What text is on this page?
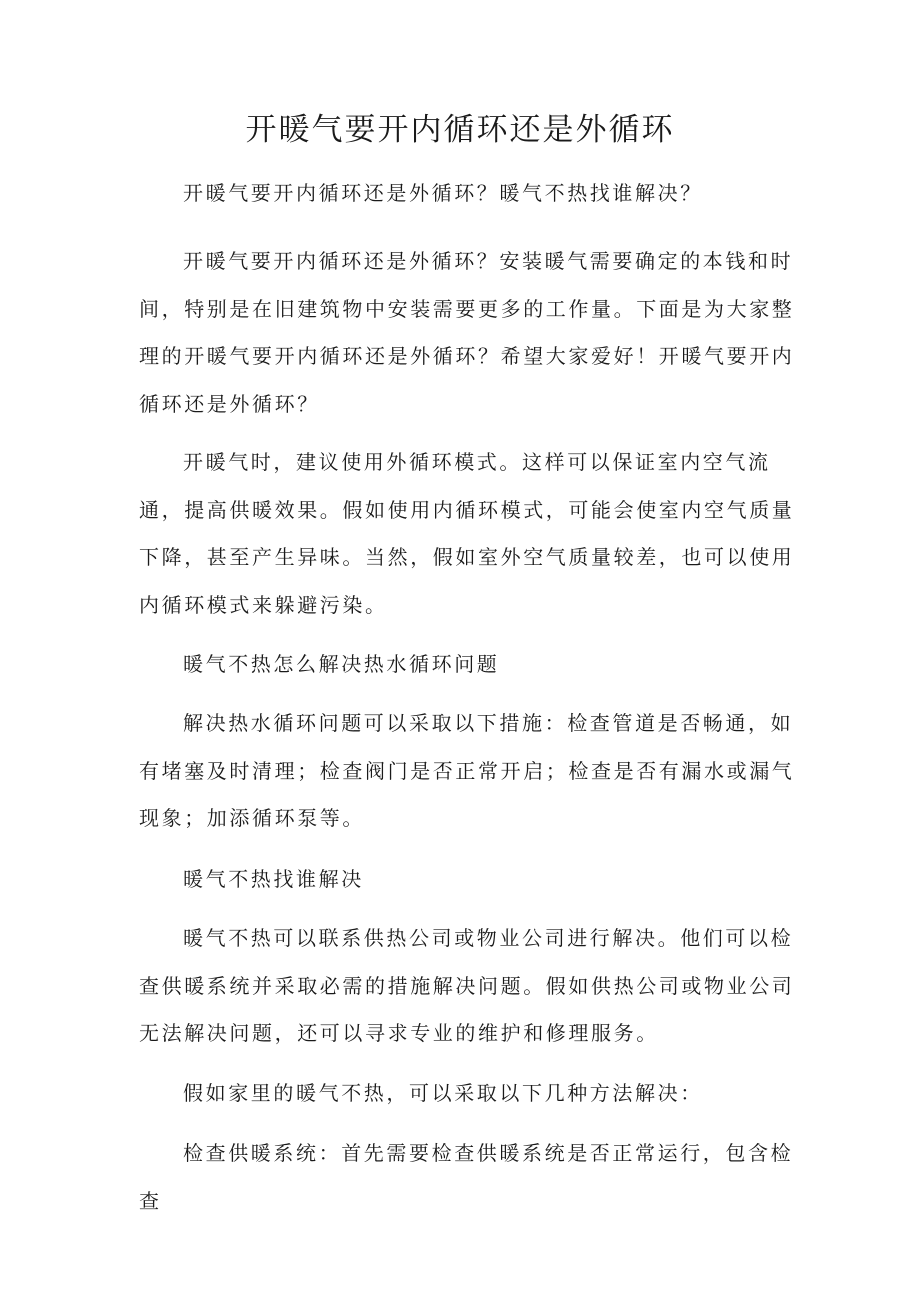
开暖气要开内循环还是外循环

开暖气要开内循环还是外循环？暖气不热找谁解决？

开暖气要开内循环还是外循环？安装暖气需要确定的本钱和时间，特别是在旧建筑物中安装需要更多的工作量。下面是为大家整理的开暖气要开内循环还是外循环？希望大家爱好！开暖气要开内循环还是外循环？

开暖气时，建议使用外循环模式。这样可以保证室内空气流通，提高供暖效果。假如使用内循环模式，可能会使室内空气质量下降，甚至产生异味。当然，假如室外空气质量较差，也可以使用内循环模式来躲避污染。

暖气不热怎么解决热水循环问题

解决热水循环问题可以采取以下措施：检查管道是否畅通，如有堵塞及时清理；检查阀门是否正常开启；检查是否有漏水或漏气现象；加添循环泵等。

暖气不热找谁解决

暖气不热可以联系供热公司或物业公司进行解决。他们可以检查供暖系统并采取必需的措施解决问题。假如供热公司或物业公司无法解决问题，还可以寻求专业的维护和修理服务。

假如家里的暖气不热，可以采取以下几种方法解决：

检查供暖系统：首先需要检查供暖系统是否正常运行，包含检查
